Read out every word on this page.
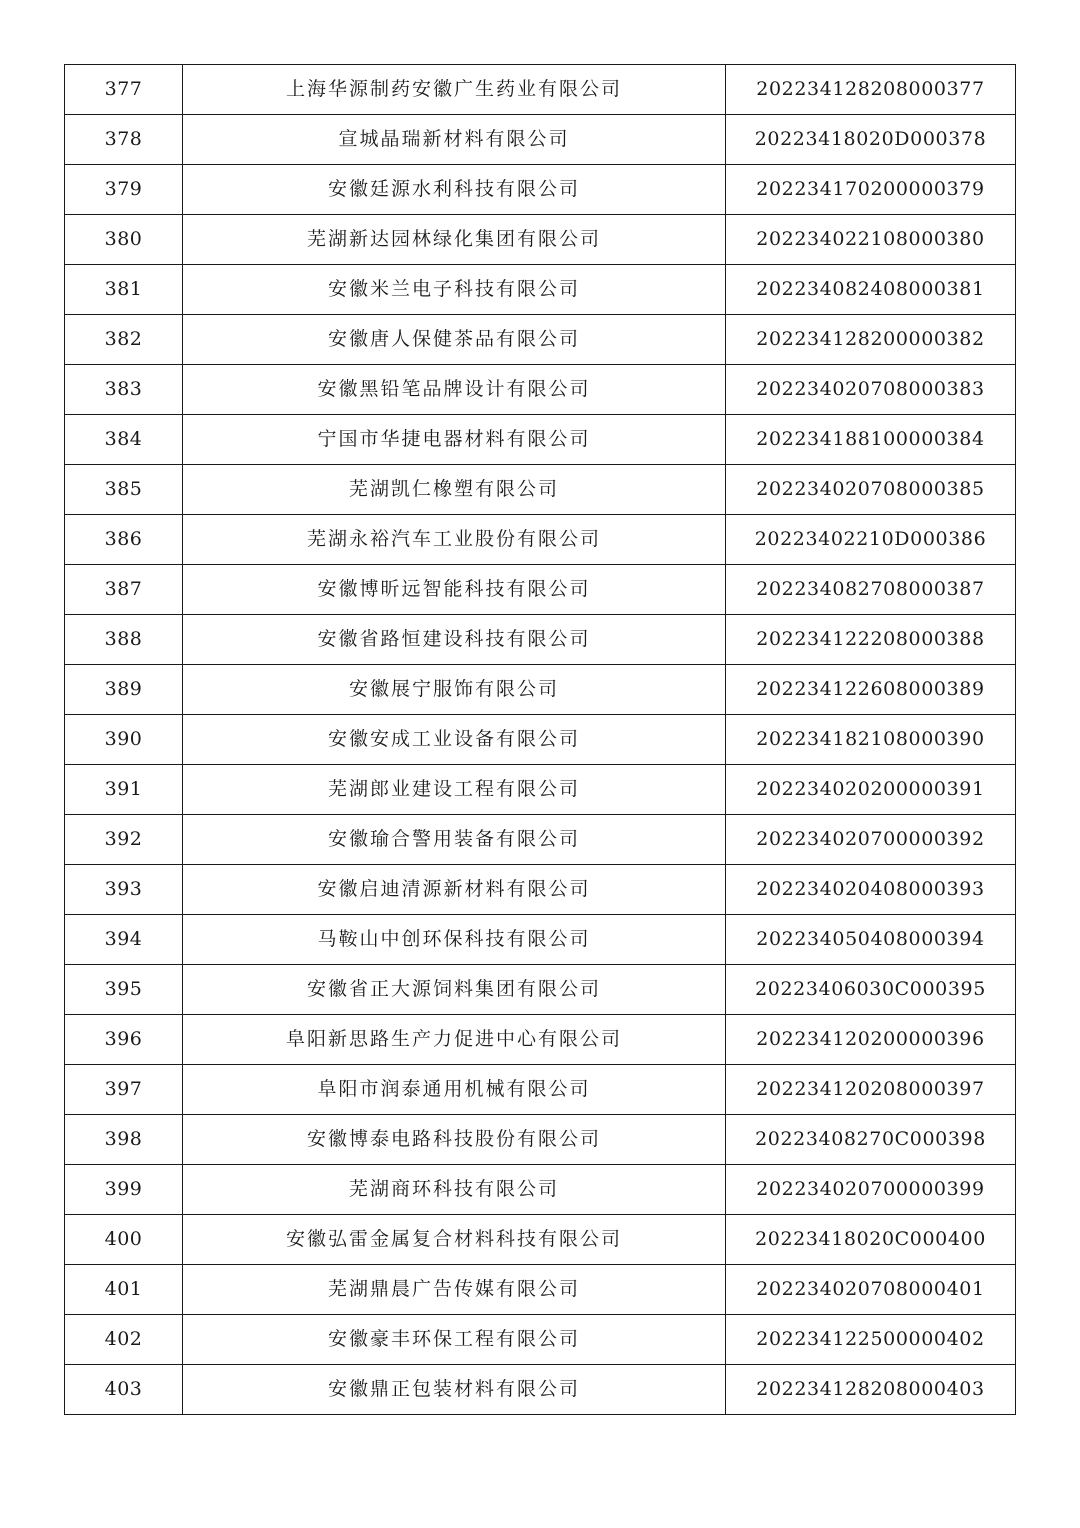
377	上海华源制药安徽广生药业有限公司	202234128208000377
378	宣城晶瑞新材料有限公司	20223418020D000378
379	安徽廷源水利科技有限公司	202234170200000379
380	芜湖新达园林绿化集团有限公司	202234022108000380
381	安徽米兰电子科技有限公司	202234082408000381
382	安徽唐人保健茶品有限公司	202234128200000382
383	安徽黑铅笔品牌设计有限公司	202234020708000383
384	宁国市华捷电器材料有限公司	202234188100000384
385	芜湖凯仁橡塑有限公司	202234020708000385
386	芜湖永裕汽车工业股份有限公司	20223402210D000386
387	安徽博昕远智能科技有限公司	202234082708000387
388	安徽省路恒建设科技有限公司	202234122208000388
389	安徽展宁服饰有限公司	202234122608000389
390	安徽安成工业设备有限公司	202234182108000390
391	芜湖郎业建设工程有限公司	202234020200000391
392	安徽瑜合警用装备有限公司	202234020700000392
393	安徽启迪清源新材料有限公司	202234020408000393
394	马鞍山中创环保科技有限公司	202234050408000394
395	安徽省正大源饲料集团有限公司	20223406030C000395
396	阜阳新思路生产力促进中心有限公司	202234120200000396
397	阜阳市润泰通用机械有限公司	202234120208000397
398	安徽博泰电路科技股份有限公司	20223408270C000398
399	芜湖商环科技有限公司	202234020700000399
400	安徽弘雷金属复合材料科技有限公司	20223418020C000400
401	芜湖鼎晨广告传媒有限公司	202234020708000401
402	安徽豪丰环保工程有限公司	202234122500000402
403	安徽鼎正包装材料有限公司	202234128208000403
